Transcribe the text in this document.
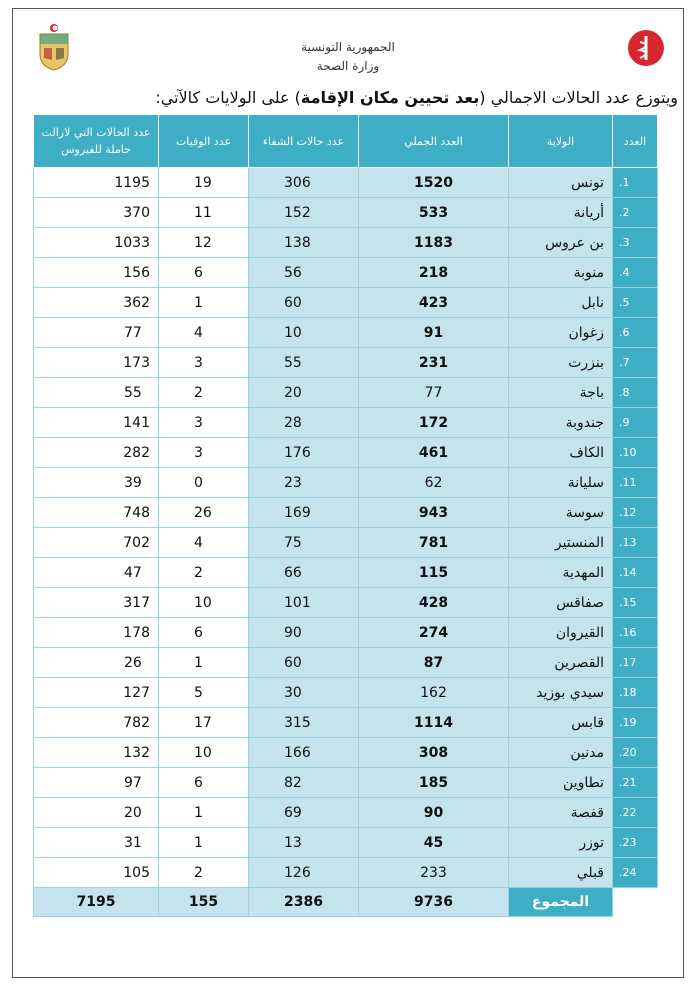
الجمهورية التونسية
وزارة الصحة
ويتوزع عدد الحالات الاجمالي (بعد تحيين مكان الإقامة) على الولايات كالآتي:
العدد	الولاية	العدد الجملي	عدد حالات الشفاء	عدد الوفيات	عدد الحالات التي لازالت حاملة للفيروس
1.	تونس	1520	306	19	1195
2.	أريانة	533	152	11	370
3.	بن عروس	1183	138	12	1033
4.	منوبة	218	56	6	156
5.	نابل	423	60	1	362
6.	زغوان	91	10	4	77
7.	بنزرت	231	55	3	173
8.	باجة	77	20	2	55
9.	جندوبة	172	28	3	141
10.	الكاف	461	176	3	282
11.	سليانة	62	23	0	39
12.	سوسة	943	169	26	748
13.	المنستير	781	75	4	702
14.	المهدية	115	66	2	47
15.	صفاقس	428	101	10	317
16.	القيروان	274	90	6	178
17.	القصرين	87	60	1	26
18.	سيدي بوزيد	162	30	5	127
19.	قابس	1114	315	17	782
20.	مدنين	308	166	10	132
21.	تطاوين	185	82	6	97
22.	قفصة	90	69	1	20
23.	توزر	45	13	1	31
24.	قبلي	233	126	2	105
	المجموع	9736	2386	155	7195
